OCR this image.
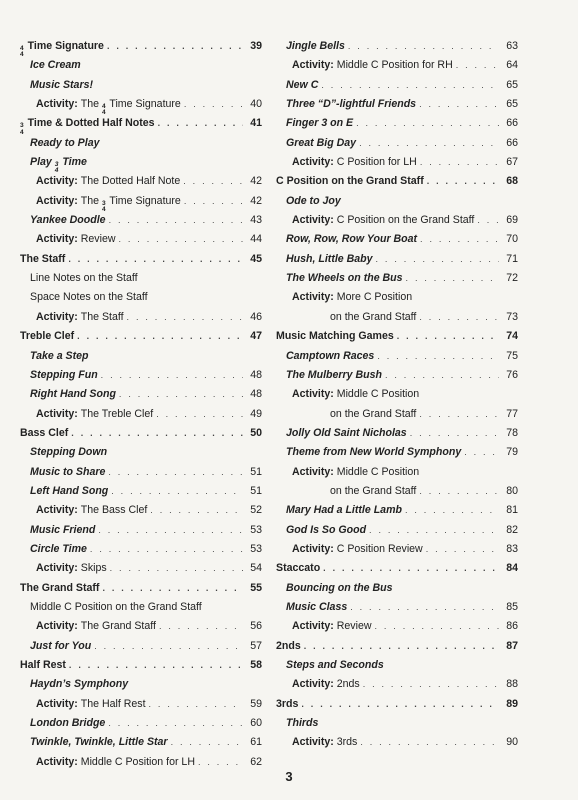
4
4
Time Signature . . .	39
Ice Cream
Music Stars!
Activity: The 4
4
Time Signature . . .	40
3
4
Time & Dotted Half Notes . . .	41
Ready to Play
Play 3
4
Time
Activity: The Dotted Half Note . . .	42
Activity: The 3
4
Time Signature . . .	42
Yankee Doodle . . .	43
Activity: Review . . .	44
The Staff . . .	45
Line Notes on the Staff
Space Notes on the Staff
Activity: The Staff . . .	46
Treble Clef . . .	47
Take a Step
Stepping Fun . . .	48
Right Hand Song . . .	48
Activity: The Treble Clef . . .	49
Bass Clef . . .	50
Stepping Down
Music to Share . . .	51
Left Hand Song . . .	51
Activity: The Bass Clef . . .	52
Music Friend . . .	53
Circle Time . . .	53
Activity: Skips . . .	54
The Grand Staff . . .	55
Middle C Position on the Grand Staff
Activity: The Grand Staff . . .	56
Just for You . . .	57
Half Rest . . .	58
Haydn’s Symphony
Activity: The Half Rest . . .	59
London Bridge . . .	60
Twinkle, Twinkle, Little Star . . .	61
Activity: Middle C Position for LH . . .	62
Jingle Bells . . .	63
Activity: Middle C Position for RH . . .	64
New C . . .	65
Three “D”-lightful Friends . . .	65
Finger 3 on E . . .	66
Great Big Day . . .	66
Activity: C Position for LH . . .	67
C Position on the Grand Staff . . .	68
Ode to Joy
Activity: C Position on the Grand Staff . . .	69
Row, Row, Row Your Boat . . .	70
Hush, Little Baby . . .	71
The Wheels on the Bus . . .	72
Activity: More C Position
on the Grand Staff . . .	73
Music Matching Games . . .	74
Camptown Races . . .	75
The Mulberry Bush . . .	76
Activity: Middle C Position
on the Grand Staff . . .	77
Jolly Old Saint Nicholas . . .	78
Theme from New World Symphony . . .	79
Activity: Middle C Position
on the Grand Staff . . .	80
Mary Had a Little Lamb . . .	81
God Is So Good . . .	82
Activity: C Position Review . . .	83
Staccato . . .	84
Bouncing on the Bus
Music Class . . .	85
Activity: Review . . .	86
2nds . . .	87
Steps and Seconds
Activity: 2nds . . .	88
3rds . . .	89
Thirds
Activity: 3rds . . .	90
3
